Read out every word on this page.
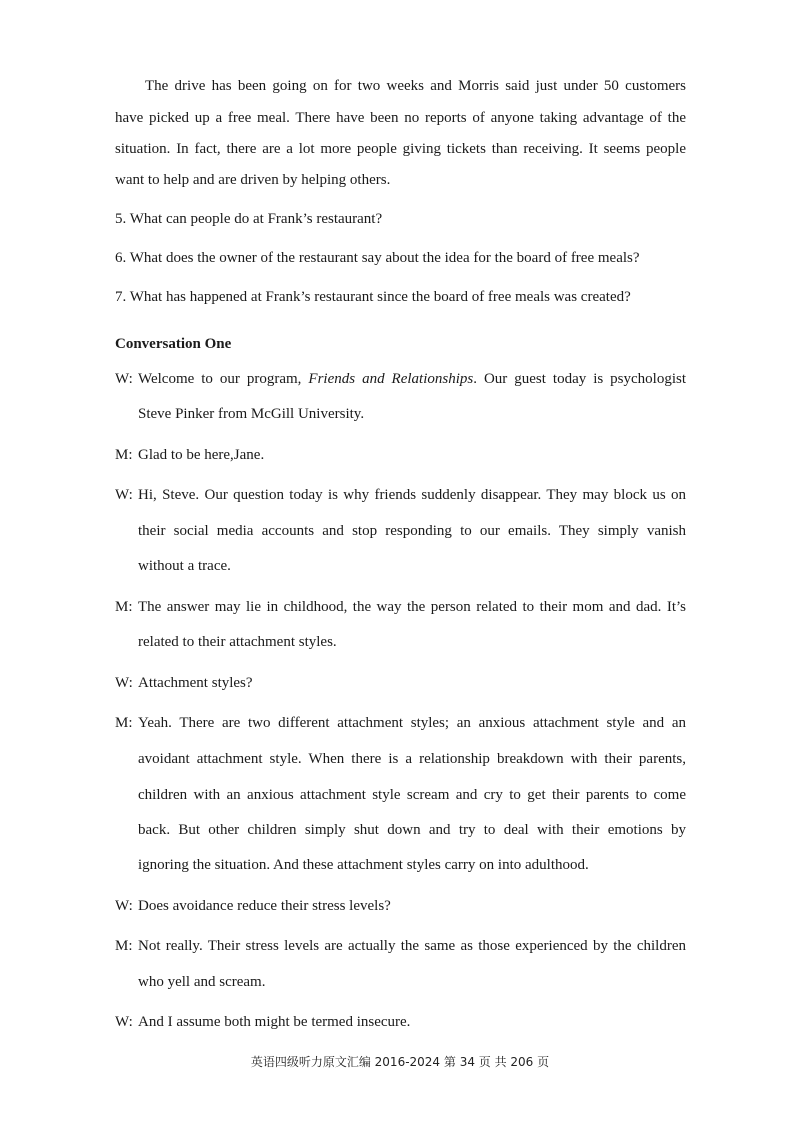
The drive has been going on for two weeks and Morris said just under 50 customers
have picked up a free meal. There have been no reports of anyone taking advantage of the
situation. In fact, there are a lot more people giving tickets than receiving. It seems people
want to help and are driven by helping others.
5. What can people do at Frank’s restaurant?
6. What does the owner of the restaurant say about the idea for the board of free meals?
7. What has happened at Frank’s restaurant since the board of free meals was created?
Conversation One
W: Welcome to our program, Friends and Relationships. Our guest today is psychologist
Steve Pinker from McGill University.
M: Glad to be here,Jane.
W: Hi, Steve. Our question today is why friends suddenly disappear. They may block us on
their social media accounts and stop responding to our emails. They simply vanish
without a trace.
M: The answer may lie in childhood, the way the person related to their mom and dad. It’s
related to their attachment styles.
W: Attachment styles?
M: Yeah. There are two different attachment styles; an anxious attachment style and an
avoidant attachment style. When there is a relationship breakdown with their parents,
children with an anxious attachment style scream and cry to get their parents to come
back. But other children simply shut down and try to deal with their emotions by
ignoring the situation. And these attachment styles carry on into adulthood.
W: Does avoidance reduce their stress levels?
M: Not really. Their stress levels are actually the same as those experienced by the children
who yell and scream.
W: And I assume both might be termed insecure.
英语四级听力原文汇编 2016-2024 第 34 页 共 206 页
